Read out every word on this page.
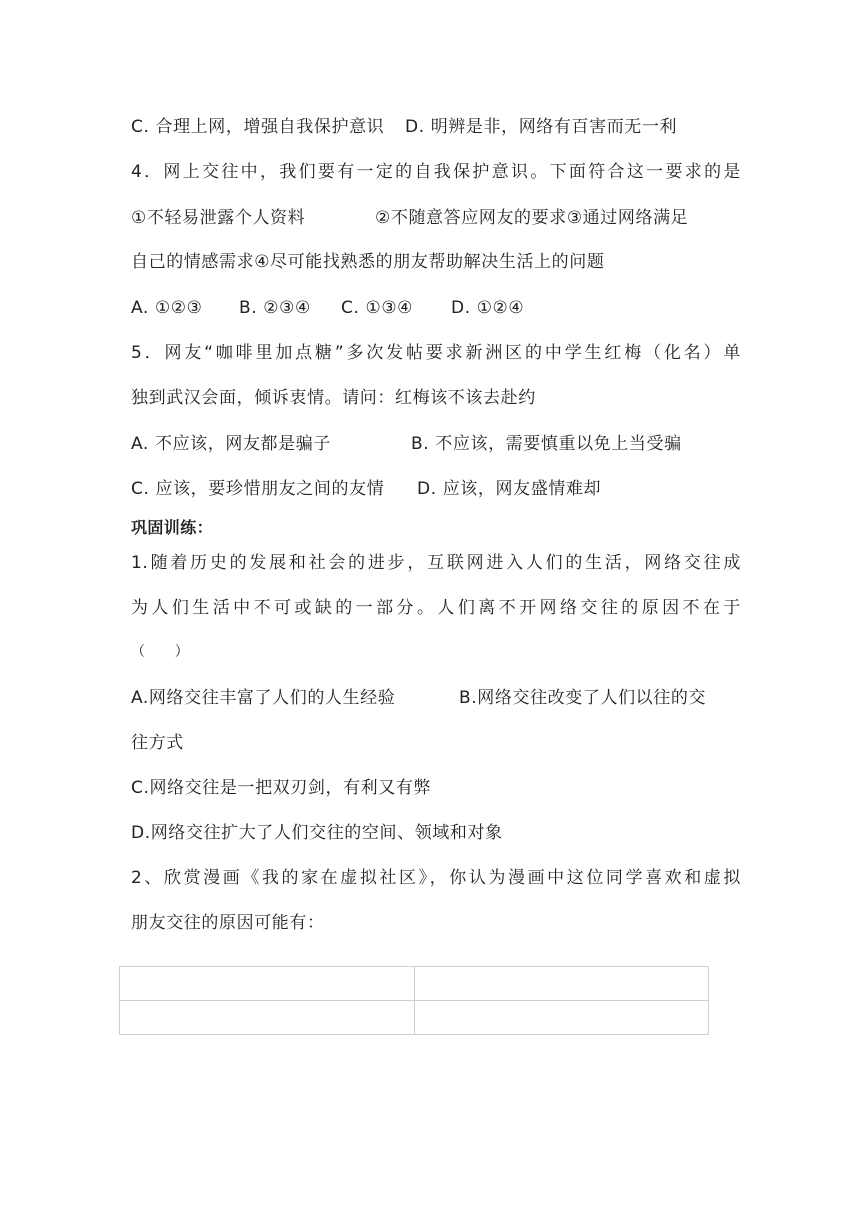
C. 合理上网，增强自我保护意识 D. 明辨是非，网络有百害而无一利
4．网上交往中，我们要有一定的自我保护意识。下面符合这一要求的是
①不轻易泄露个人资料	②不随意答应网友的要求③通过网络满足
自己的情感需求④尽可能找熟悉的朋友帮助解决生活上的问题
A. ①②③ B. ②③④ C. ①③④ D. ①②④
5．网友“咖啡里加点糖”多次发帖要求新洲区的中学生红梅（化名）单
独到武汉会面，倾诉衷情。请问：红梅该不该去赴约
A. 不应该，网友都是骗子	B. 不应该，需要慎重以免上当受骗
C. 应该，要珍惜朋友之间的友情 D. 应该，网友盛情难却
巩固训练：
1.随着历史的发展和社会的进步，互联网进入人们的生活，网络交往成
为人们生活中不可或缺的一部分。人们离不开网络交往的原因不在于
（　　）
A.网络交往丰富了人们的人生经验	B.网络交往改变了人们以往的交
往方式
C.网络交往是一把双刃剑，有利又有弊
D.网络交往扩大了人们交往的空间、领域和对象
2、欣赏漫画《我的家在虚拟社区》，你认为漫画中这位同学喜欢和虚拟
朋友交往的原因可能有：
